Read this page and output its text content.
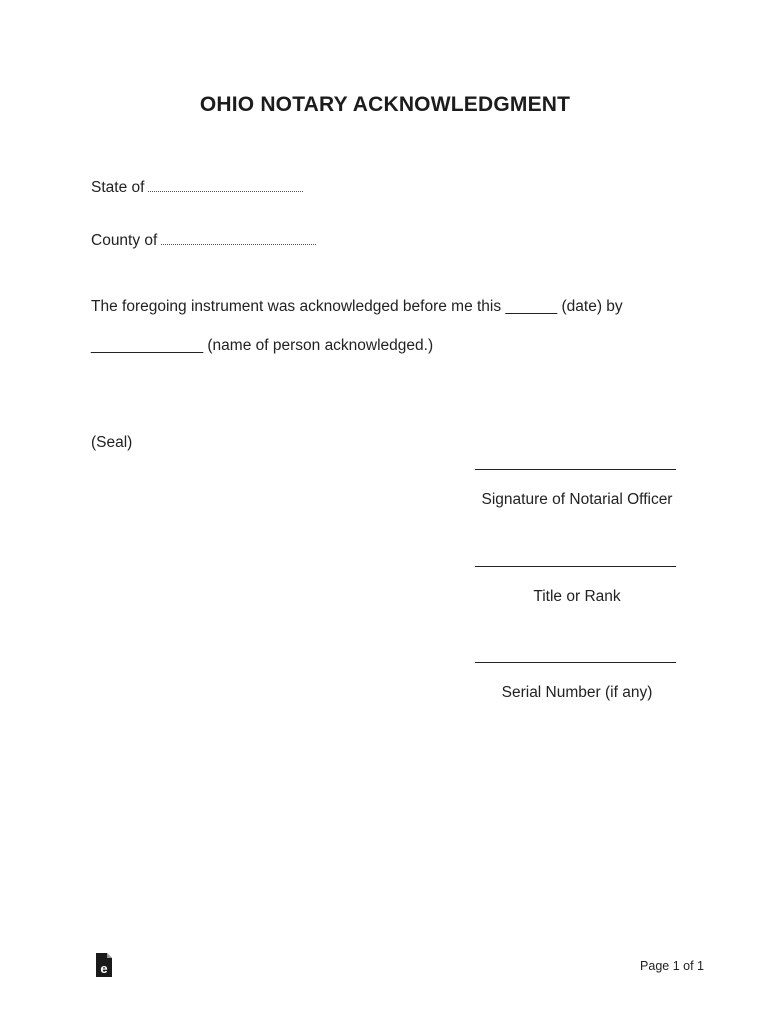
OHIO NOTARY ACKNOWLEDGMENT
State of
County of
The foregoing instrument was acknowledged before me this ______ (date) by
_____________ (name of person acknowledged.)
(Seal)
Signature of Notarial Officer
Title or Rank
Serial Number (if any)
e	Page 1 of 1
